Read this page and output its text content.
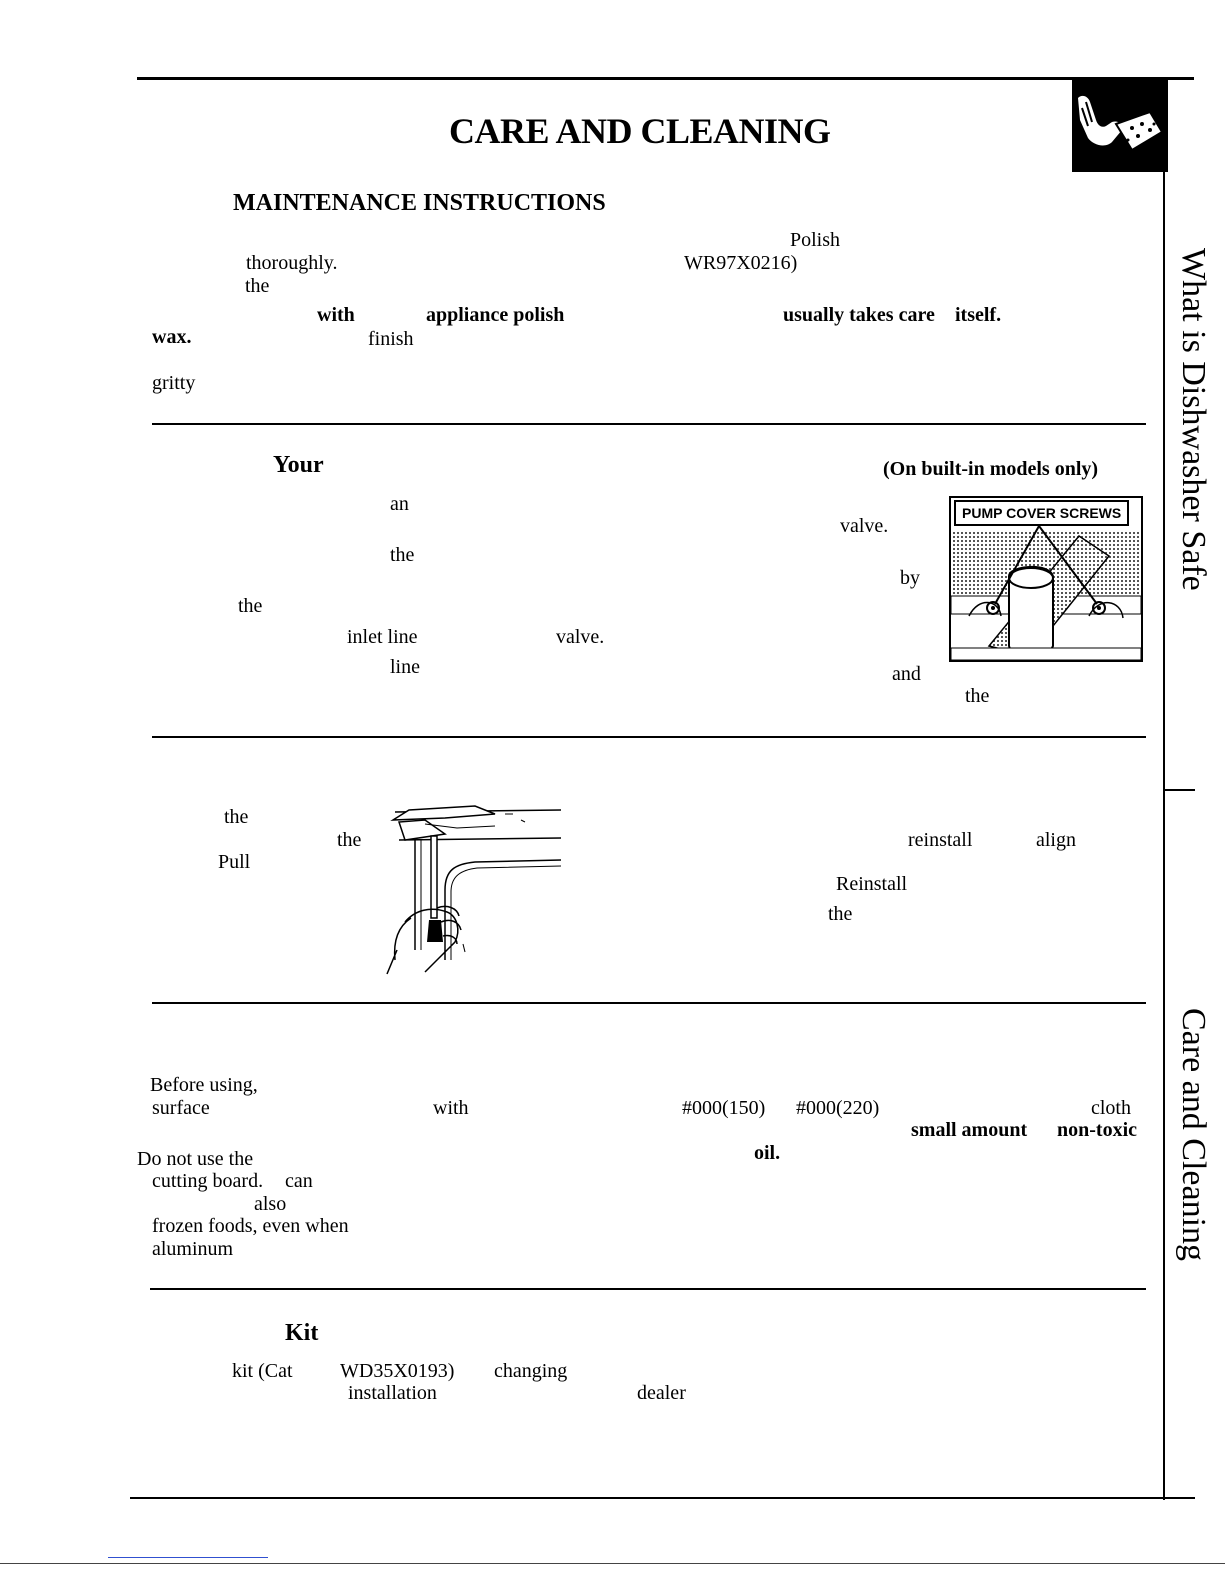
CARE AND CLEANING
MAINTENANCE INSTRUCTIONS
thoroughly.
the
with	appliance polish
wax.	finish
gritty
Polish
WR97X0216)
usually takes care itself.
Your	(On built-in models only)
an
the
the
inlet line	valve.
line
valve.
by
and
the
PUMP COVER SCREWS
the
the
Pull
reinstall	align
Reinstall
the
Before using,
surface	with
Do not use the
cutting board. can
also
frozen foods, even when
aluminum
#000(150) #000(220)	cloth
small amount non-toxic
oil.
Kit
kit (Cat WD35X0193) changing
installation	dealer
What is Dishwasher Safe
Care and Cleaning
